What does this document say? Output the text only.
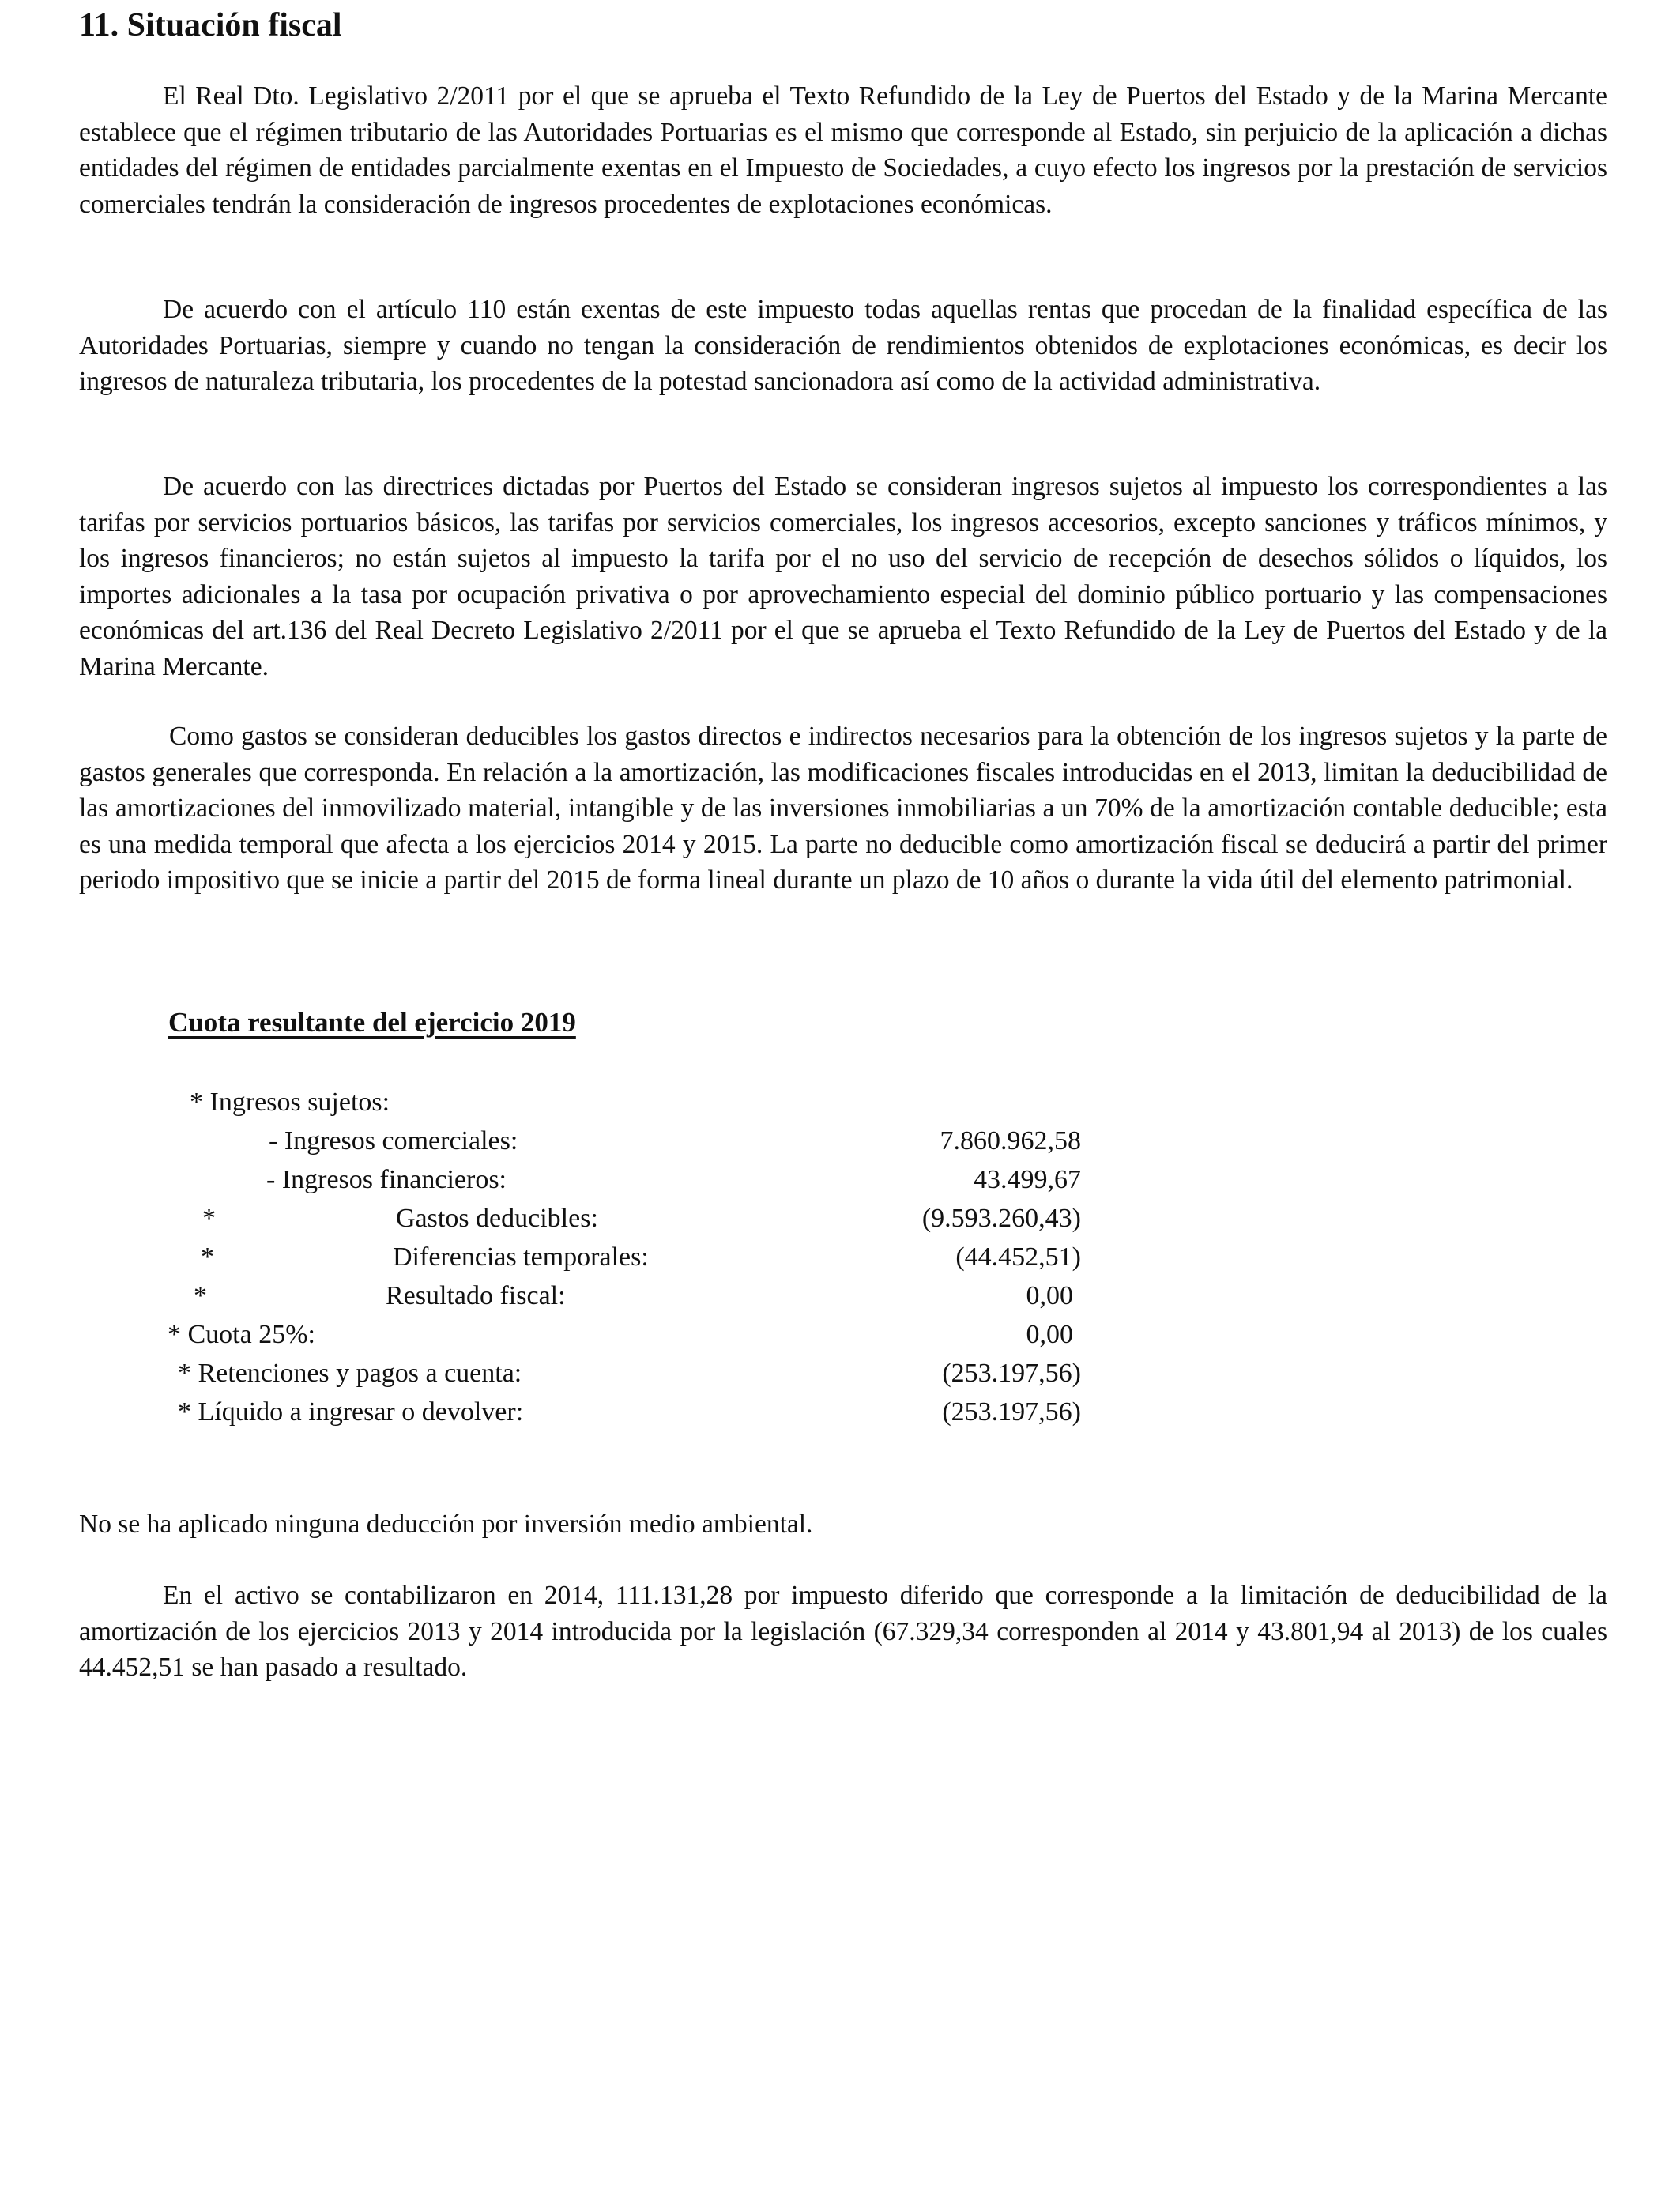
11. Situación fiscal

El Real Dto. Legislativo 2/2011 por el que se aprueba el Texto Refundido de la Ley de Puertos del Estado y de la Marina Mercante establece que el régimen tributario de las Autoridades Portuarias es el mismo que corresponde al Estado, sin perjuicio de la aplicación a dichas entidades del régimen de entidades parcialmente exentas en el Impuesto de Sociedades, a cuyo efecto los ingresos por la prestación de servicios comerciales tendrán la consideración de ingresos procedentes de explotaciones económicas.

De acuerdo con el artículo 110 están exentas de este impuesto todas aquellas rentas que procedan de la finalidad específica de las Autoridades Portuarias, siempre y cuando no tengan la consideración de rendimientos obtenidos de explotaciones económicas, es decir los ingresos de naturaleza tributaria, los procedentes de la potestad sancionadora así como de la actividad administrativa.

De acuerdo con las directrices dictadas por Puertos del Estado se consideran ingresos sujetos al impuesto los correspondientes a las tarifas por servicios portuarios básicos, las tarifas por servicios comerciales, los ingresos accesorios, excepto sanciones y tráficos mínimos, y los ingresos financieros; no están sujetos al impuesto la tarifa por el no uso del servicio de recepción de desechos sólidos o líquidos, los importes adicionales a la tasa por ocupación privativa o por aprovechamiento especial del dominio público portuario y las compensaciones económicas del art.136 del Real Decreto Legislativo 2/2011 por el que se aprueba el Texto Refundido de la Ley de Puertos del Estado y de la Marina Mercante.

Como gastos se consideran deducibles los gastos directos e indirectos necesarios para la obtención de los ingresos sujetos y la parte de gastos generales que corresponda. En relación a la amortización, las modificaciones fiscales introducidas en el 2013, limitan la deducibilidad de las amortizaciones del inmovilizado material, intangible y de las inversiones inmobiliarias a un 70% de la amortización contable deducible; esta es una medida temporal que afecta a los ejercicios 2014 y 2015. La parte no deducible como amortización fiscal se deducirá a partir del primer periodo impositivo que se inicie a partir del 2015 de forma lineal durante un plazo de 10 años o durante la vida útil del elemento patrimonial.

Cuota resultante del ejercicio 2019
* Ingresos sujetos:
- Ingresos comerciales:	7.860.962,58
- Ingresos financieros:	43.499,67
*	Gastos deducibles:	(9.593.260,43)
*	Diferencias temporales:	(44.452,51)
*	Resultado fiscal:	0,00
* Cuota 25%:	0,00
* Retenciones y pagos a cuenta:	(253.197,56)
* Líquido a ingresar o devolver:	(253.197,56)

No se ha aplicado ninguna deducción por inversión medio ambiental.

En el activo se contabilizaron en 2014, 111.131,28 por impuesto diferido que corresponde a la limitación de deducibilidad de la amortización de los ejercicios 2013 y 2014 introducida por la legislación (67.329,34 corresponden al 2014 y 43.801,94 al 2013) de los cuales 44.452,51 se han pasado a resultado.
